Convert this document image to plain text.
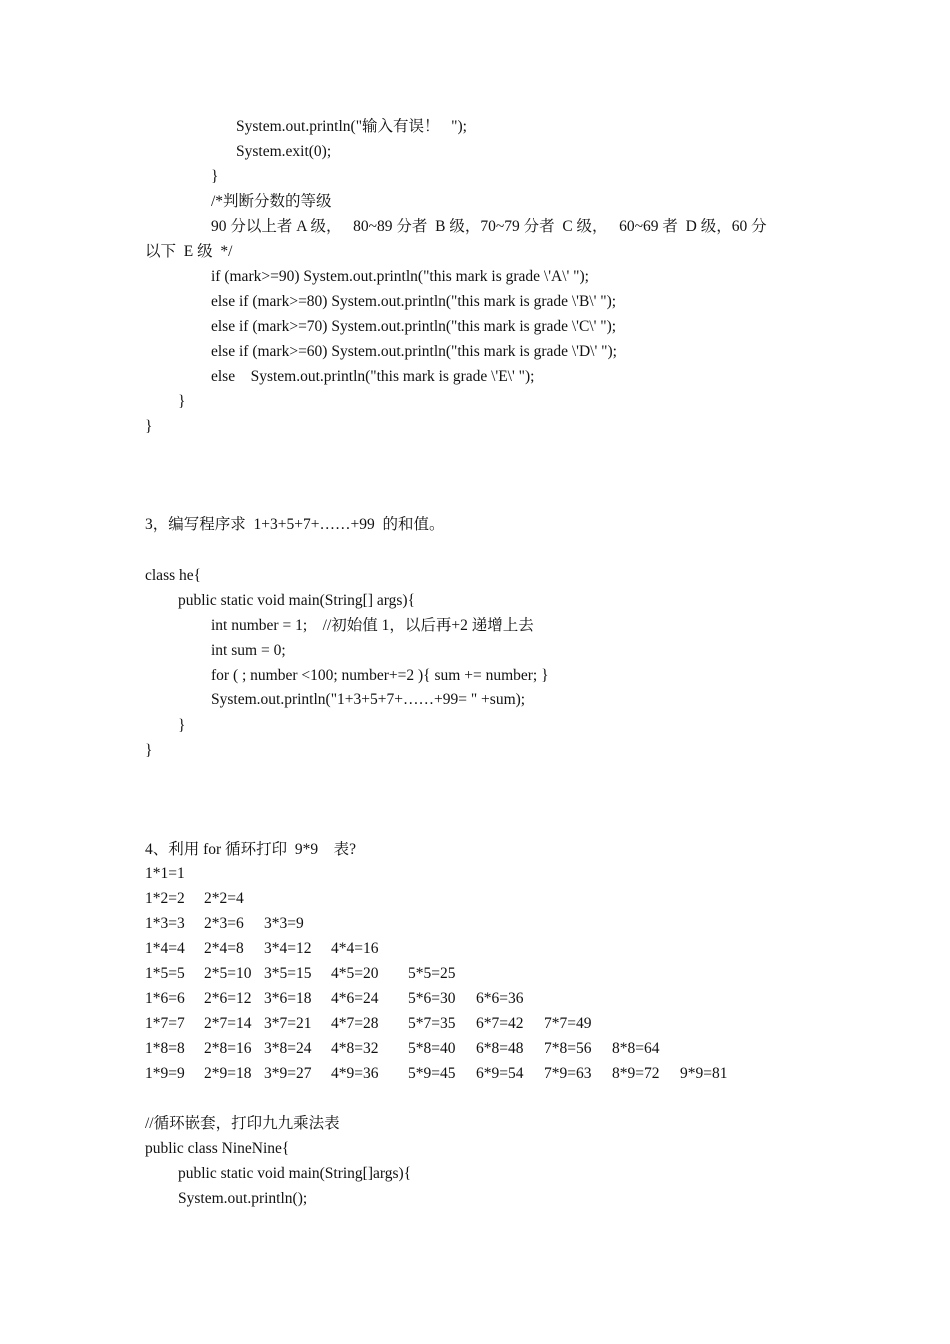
System.out.println("输入有误！   ");
System.exit(0);
}
/*判断分数的等级
90 分以上者 A 级，   80~89 分者  B 级，70~79 分者  C 级，   60~69 者  D 级，60 分
以下  E 级  */
if (mark>=90) System.out.println("this mark is grade \'A\' ");
else if (mark>=80) System.out.println("this mark is grade \'B\' ");
else if (mark>=70) System.out.println("this mark is grade \'C\' ");
else if (mark>=60) System.out.println("this mark is grade \'D\' ");
else    System.out.println("this mark is grade \'E\' ");
}
}
3，编写程序求  1+3+5+7+……+99  的和值。
class he{
public static void main(String[] args){
int number = 1;    //初始值 1，以后再+2 递增上去
int sum = 0;
for ( ; number <100; number+=2 ){ sum += number; }
System.out.println("1+3+5+7+……+99= " +sum);
}
}
4、利用 for 循环打印  9*9    表?
//循环嵌套，打印九九乘法表
public class NineNine{
public static void main(String[]args){
System.out.println();
1*1=1
1*2=2 2*2=4
1*3=3 2*3=6 3*3=9
1*4=4 2*4=8 3*4=12 4*4=16
1*5=5 2*5=10 3*5=15 4*5=20 5*5=25
1*6=6 2*6=12 3*6=18 4*6=24 5*6=30 6*6=36
1*7=7 2*7=14 3*7=21 4*7=28 5*7=35 6*7=42 7*7=49
1*8=8 2*8=16 3*8=24 4*8=32 5*8=40 6*8=48 7*8=56 8*8=64
1*9=9 2*9=18 3*9=27 4*9=36 5*9=45 6*9=54 7*9=63 8*9=72 9*9=81
